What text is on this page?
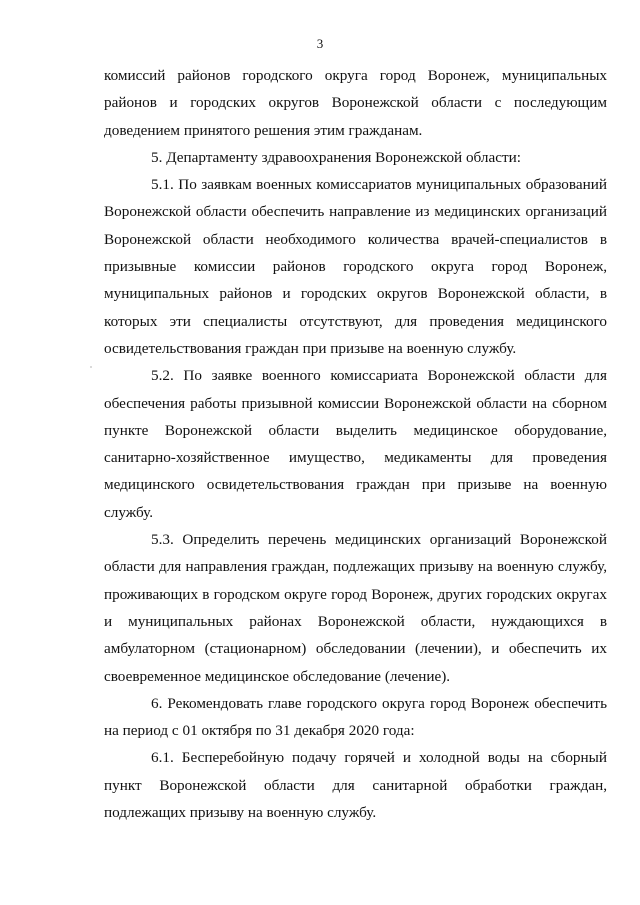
3

комиссий районов городского округа город Воронеж, муниципальных районов и городских округов Воронежской области с последующим доведением принятого решения этим гражданам.

5. Департаменту здравоохранения Воронежской области:

5.1. По заявкам военных комиссариатов муниципальных образований Воронежской области обеспечить направление из медицинских организаций Воронежской области необходимого количества врачей-специалистов в призывные комиссии районов городского округа город Воронеж, муниципальных районов и городских округов Воронежской области, в которых эти специалисты отсутствуют, для проведения медицинского освидетельствования граждан при призыве на военную службу.

5.2. По заявке военного комиссариата Воронежской области для обеспечения работы призывной комиссии Воронежской области на сборном пункте Воронежской области выделить медицинское оборудование, санитарно-хозяйственное имущество, медикаменты для проведения медицинского освидетельствования граждан при призыве на военную службу.

5.3. Определить перечень медицинских организаций Воронежской области для направления граждан, подлежащих призыву на военную службу, проживающих в городском округе город Воронеж, других городских округах и муниципальных районах Воронежской области, нуждающихся в амбулаторном (стационарном) обследовании (лечении), и обеспечить их своевременное медицинское обследование (лечение).

6. Рекомендовать главе городского округа город Воронеж обеспечить на период с 01 октября по 31 декабря 2020 года:

6.1. Бесперебойную подачу горячей и холодной воды на сборный пункт Воронежской области для санитарной обработки граждан, подлежащих призыву на военную службу.
